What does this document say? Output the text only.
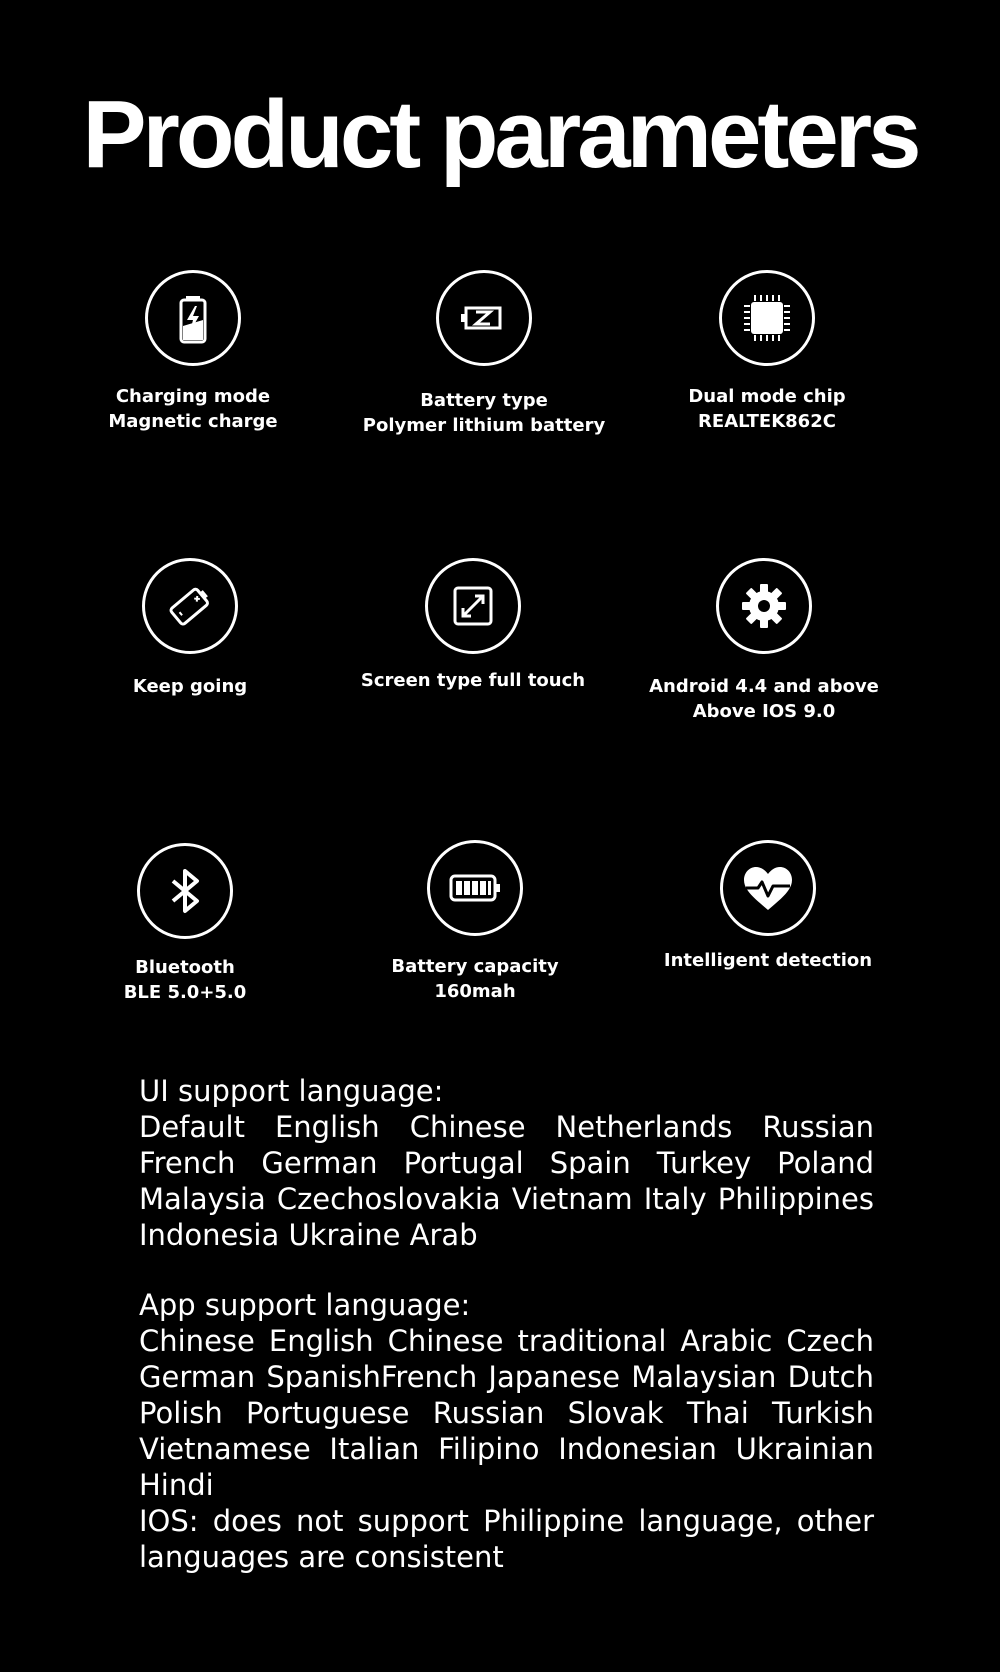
Product parameters
Charging mode
Magnetic charge
Battery type
Polymer lithium battery
Dual mode chip
REALTEK862C
Keep going	Screen type full touch	Android 4.4 and above
Above IOS 9.0
Bluetooth
BLE 5.0+5.0
Battery capacity
160mah
Intelligent detection

UI support language:

Default English Chinese Netherlands Russian French German Portugal Spain Turkey Poland Malaysia Czechoslovakia Vietnam Italy Philippines Indonesia Ukraine Arab

App support language:

Chinese English Chinese traditional Arabic Czech German SpanishFrench Japanese Malaysian Dutch Polish Portuguese Russian Slovak Thai Turkish Vietnamese Italian Filipino Indonesian Ukrainian Hindi

IOS: does not support Philippine language, other languages are consistent
